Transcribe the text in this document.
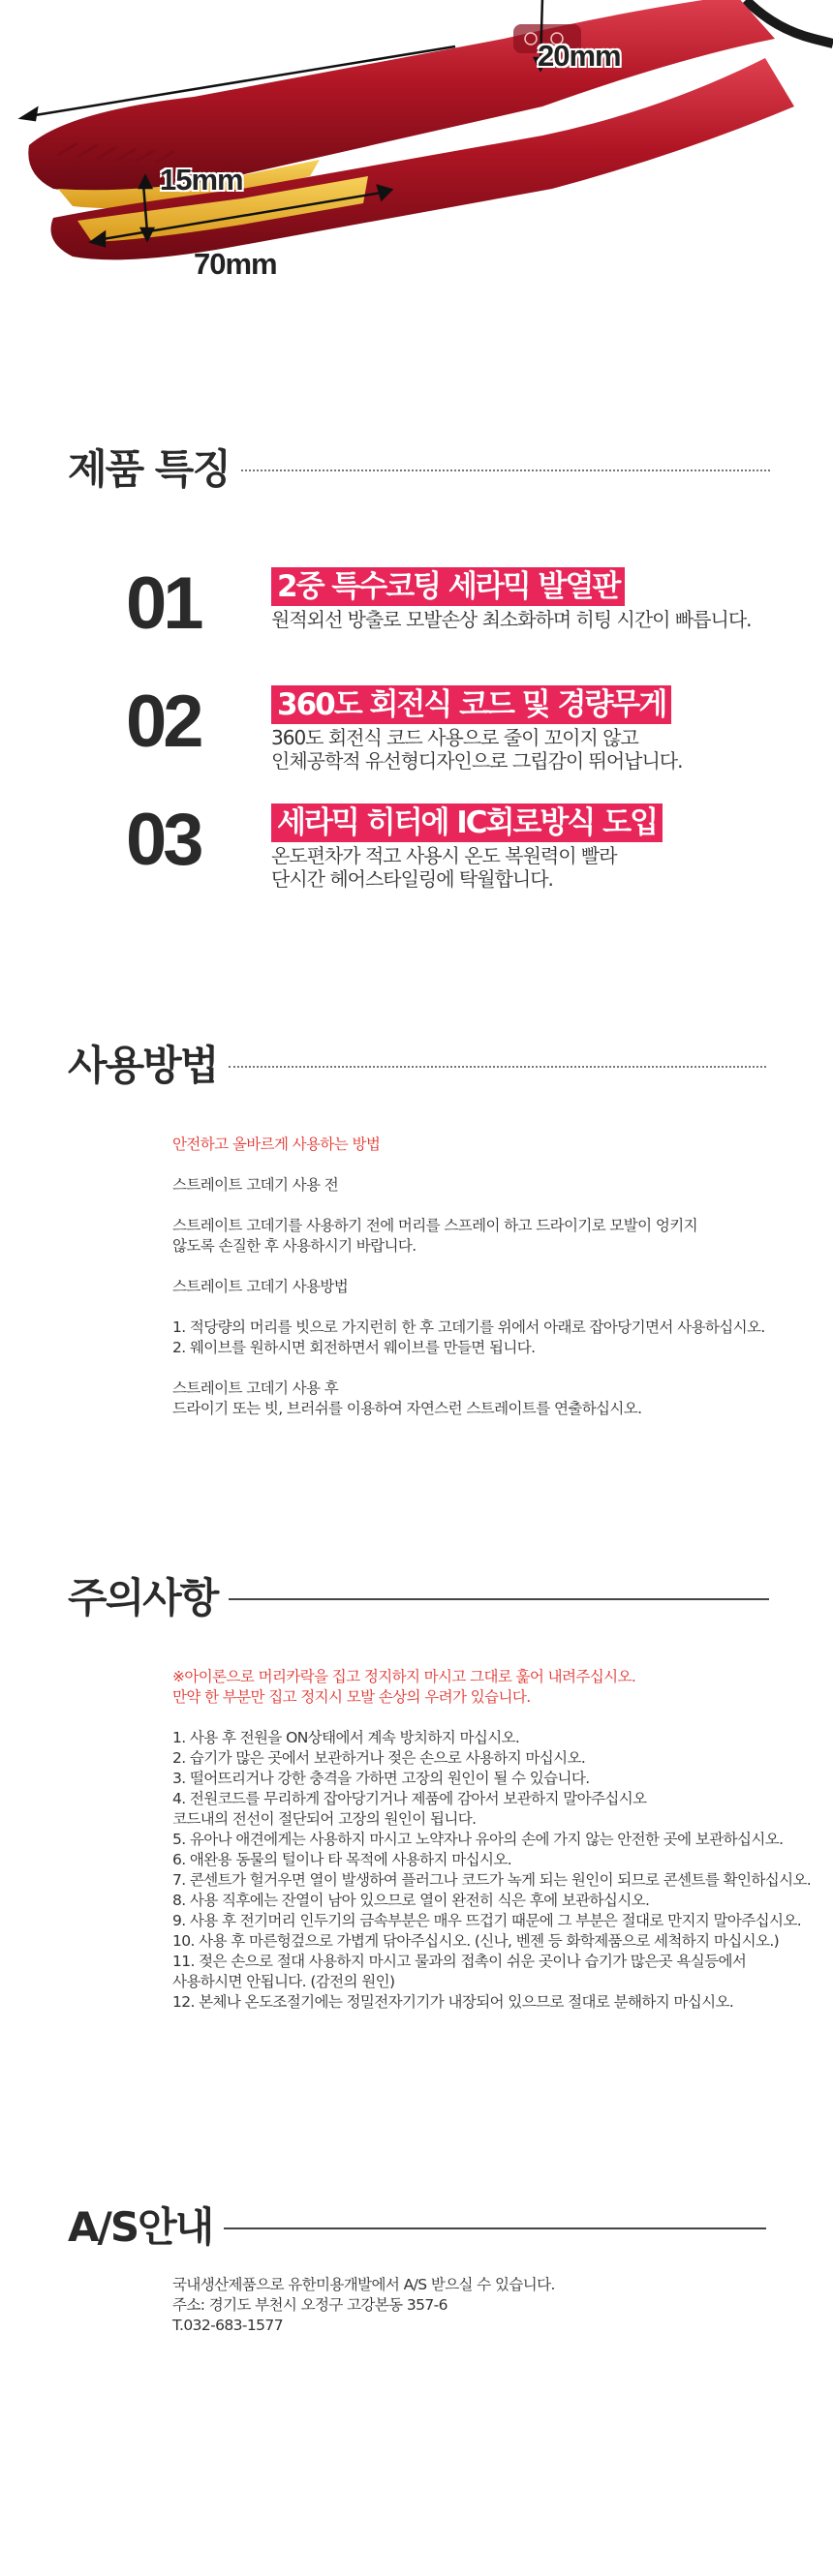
20mm
15mm
70mm
제품 특징
01	2중 특수코팅 세라믹 발열판
원적외선 방출로 모발손상 최소화하며 히팅 시간이 빠릅니다.
02	360도 회전식 코드 및 경량무게
360도 회전식 코드 사용으로 줄이 꼬이지 않고
인체공학적 유선형디자인으로 그립감이 뛰어납니다.
03	세라믹 히터에 IC회로방식 도입
온도편차가 적고 사용시 온도 복원력이 빨라
단시간 헤어스타일링에 탁월합니다.
사용방법
안전하고 올바르게 사용하는 방법
스트레이트 고데기 사용 전
스트레이트 고데기를 사용하기 전에 머리를 스프레이 하고 드라이기로 모발이 엉키지
않도록 손질한 후 사용하시기 바랍니다.
스트레이트 고데기 사용방법
1. 적당량의 머리를 빗으로 가지런히 한 후 고데기를 위에서 아래로 잡아당기면서 사용하십시오.
2. 웨이브를 원하시면 회전하면서 웨이브를 만들면 됩니다.
스트레이트 고데기 사용 후
드라이기 또는 빗, 브러쉬를 이용하여 자연스런 스트레이트를 연출하십시오.
주의사항
※아이론으로 머리카락을 집고 정지하지 마시고 그대로 훑어 내려주십시오.
만약 한 부분만 집고 정지시 모발 손상의 우려가 있습니다.
1. 사용 후 전원을 ON상태에서 계속 방치하지 마십시오.
2. 습기가 많은 곳에서 보관하거나 젖은 손으로 사용하지 마십시오.
3. 떨어뜨리거나 강한 충격을 가하면 고장의 원인이 될 수 있습니다.
4. 전원코드를 무리하게 잡아당기거나 제품에 감아서 보관하지 말아주십시오
코드내의 전선이 절단되어 고장의 원인이 됩니다.
5. 유아나 애견에게는 사용하지 마시고 노약자나 유아의 손에 가지 않는 안전한 곳에 보관하십시오.
6. 애완용 동물의 털이나 타 목적에 사용하지 마십시오.
7. 콘센트가 헐거우면 열이 발생하여 플러그나 코드가 녹게 되는 원인이 되므로 콘센트를 확인하십시오.
8. 사용 직후에는 잔열이 남아 있으므로 열이 완전히 식은 후에 보관하십시오.
9. 사용 후 전기머리 인두기의 금속부분은 매우 뜨겁기 때문에 그 부분은 절대로 만지지 말아주십시오.
10. 사용 후 마른헝겊으로 가볍게 닦아주십시오. (신나, 벤젠 등 화학제품으로 세척하지 마십시오.)
11. 젖은 손으로 절대 사용하지 마시고 물과의 접촉이 쉬운 곳이나 습기가 많은곳 욕실등에서
사용하시면 안됩니다. (감전의 원인)
12. 본체나 온도조절기에는 정밀전자기기가 내장되어 있으므로 절대로 분해하지 마십시오.
A/S안내
국내생산제품으로 유한미용개발에서 A/S 받으실 수 있습니다.
주소: 경기도 부천시 오정구 고강본동 357-6
T.032-683-1577
